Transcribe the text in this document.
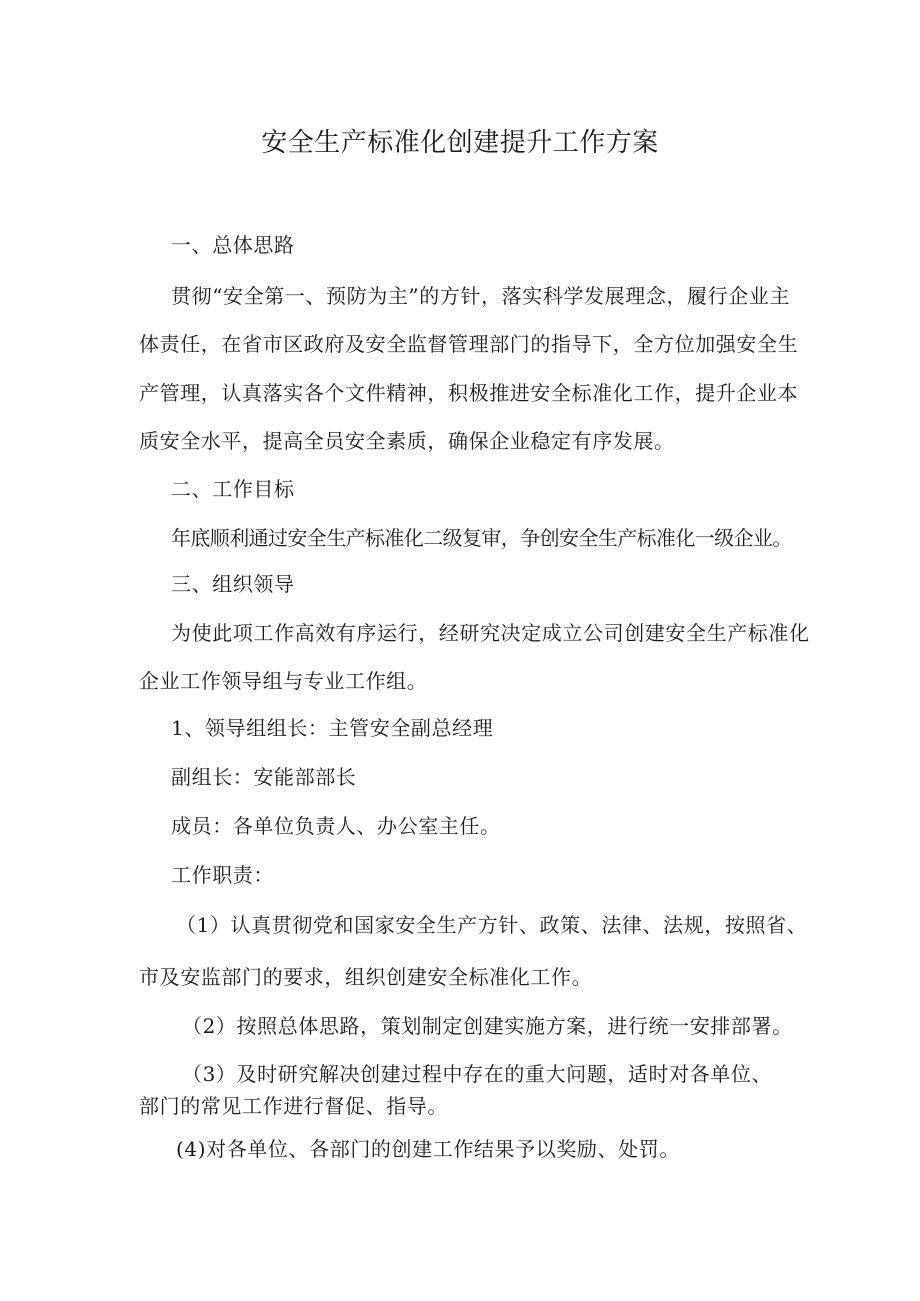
安全生产标准化创建提升工作方案
一、总体思路
贯彻“安全第一、预防为主”的方针，落实科学发展理念，履行企业主
体责任，在省市区政府及安全监督管理部门的指导下，全方位加强安全生
产管理，认真落实各个文件精神，积极推进安全标准化工作，提升企业本
质安全水平，提高全员安全素质，确保企业稳定有序发展。
二、工作目标
年底顺利通过安全生产标准化二级复审，争创安全生产标准化一级企业。
三、组织领导
为使此项工作高效有序运行，经研究决定成立公司创建安全生产标准化
企业工作领导组与专业工作组。
1、领导组组长：主管安全副总经理
副组长：安能部部长
成员：各单位负责人、办公室主任。
工作职责：
（1）认真贯彻党和国家安全生产方针、政策、法律、法规，按照省、
市及安监部门的要求，组织创建安全标准化工作。
（2）按照总体思路，策划制定创建实施方案，进行统一安排部署。
（3）及时研究解决创建过程中存在的重大问题，适时对各单位、
部门的常见工作进行督促、指导。
(4)对各单位、各部门的创建工作结果予以奖励、处罚。
